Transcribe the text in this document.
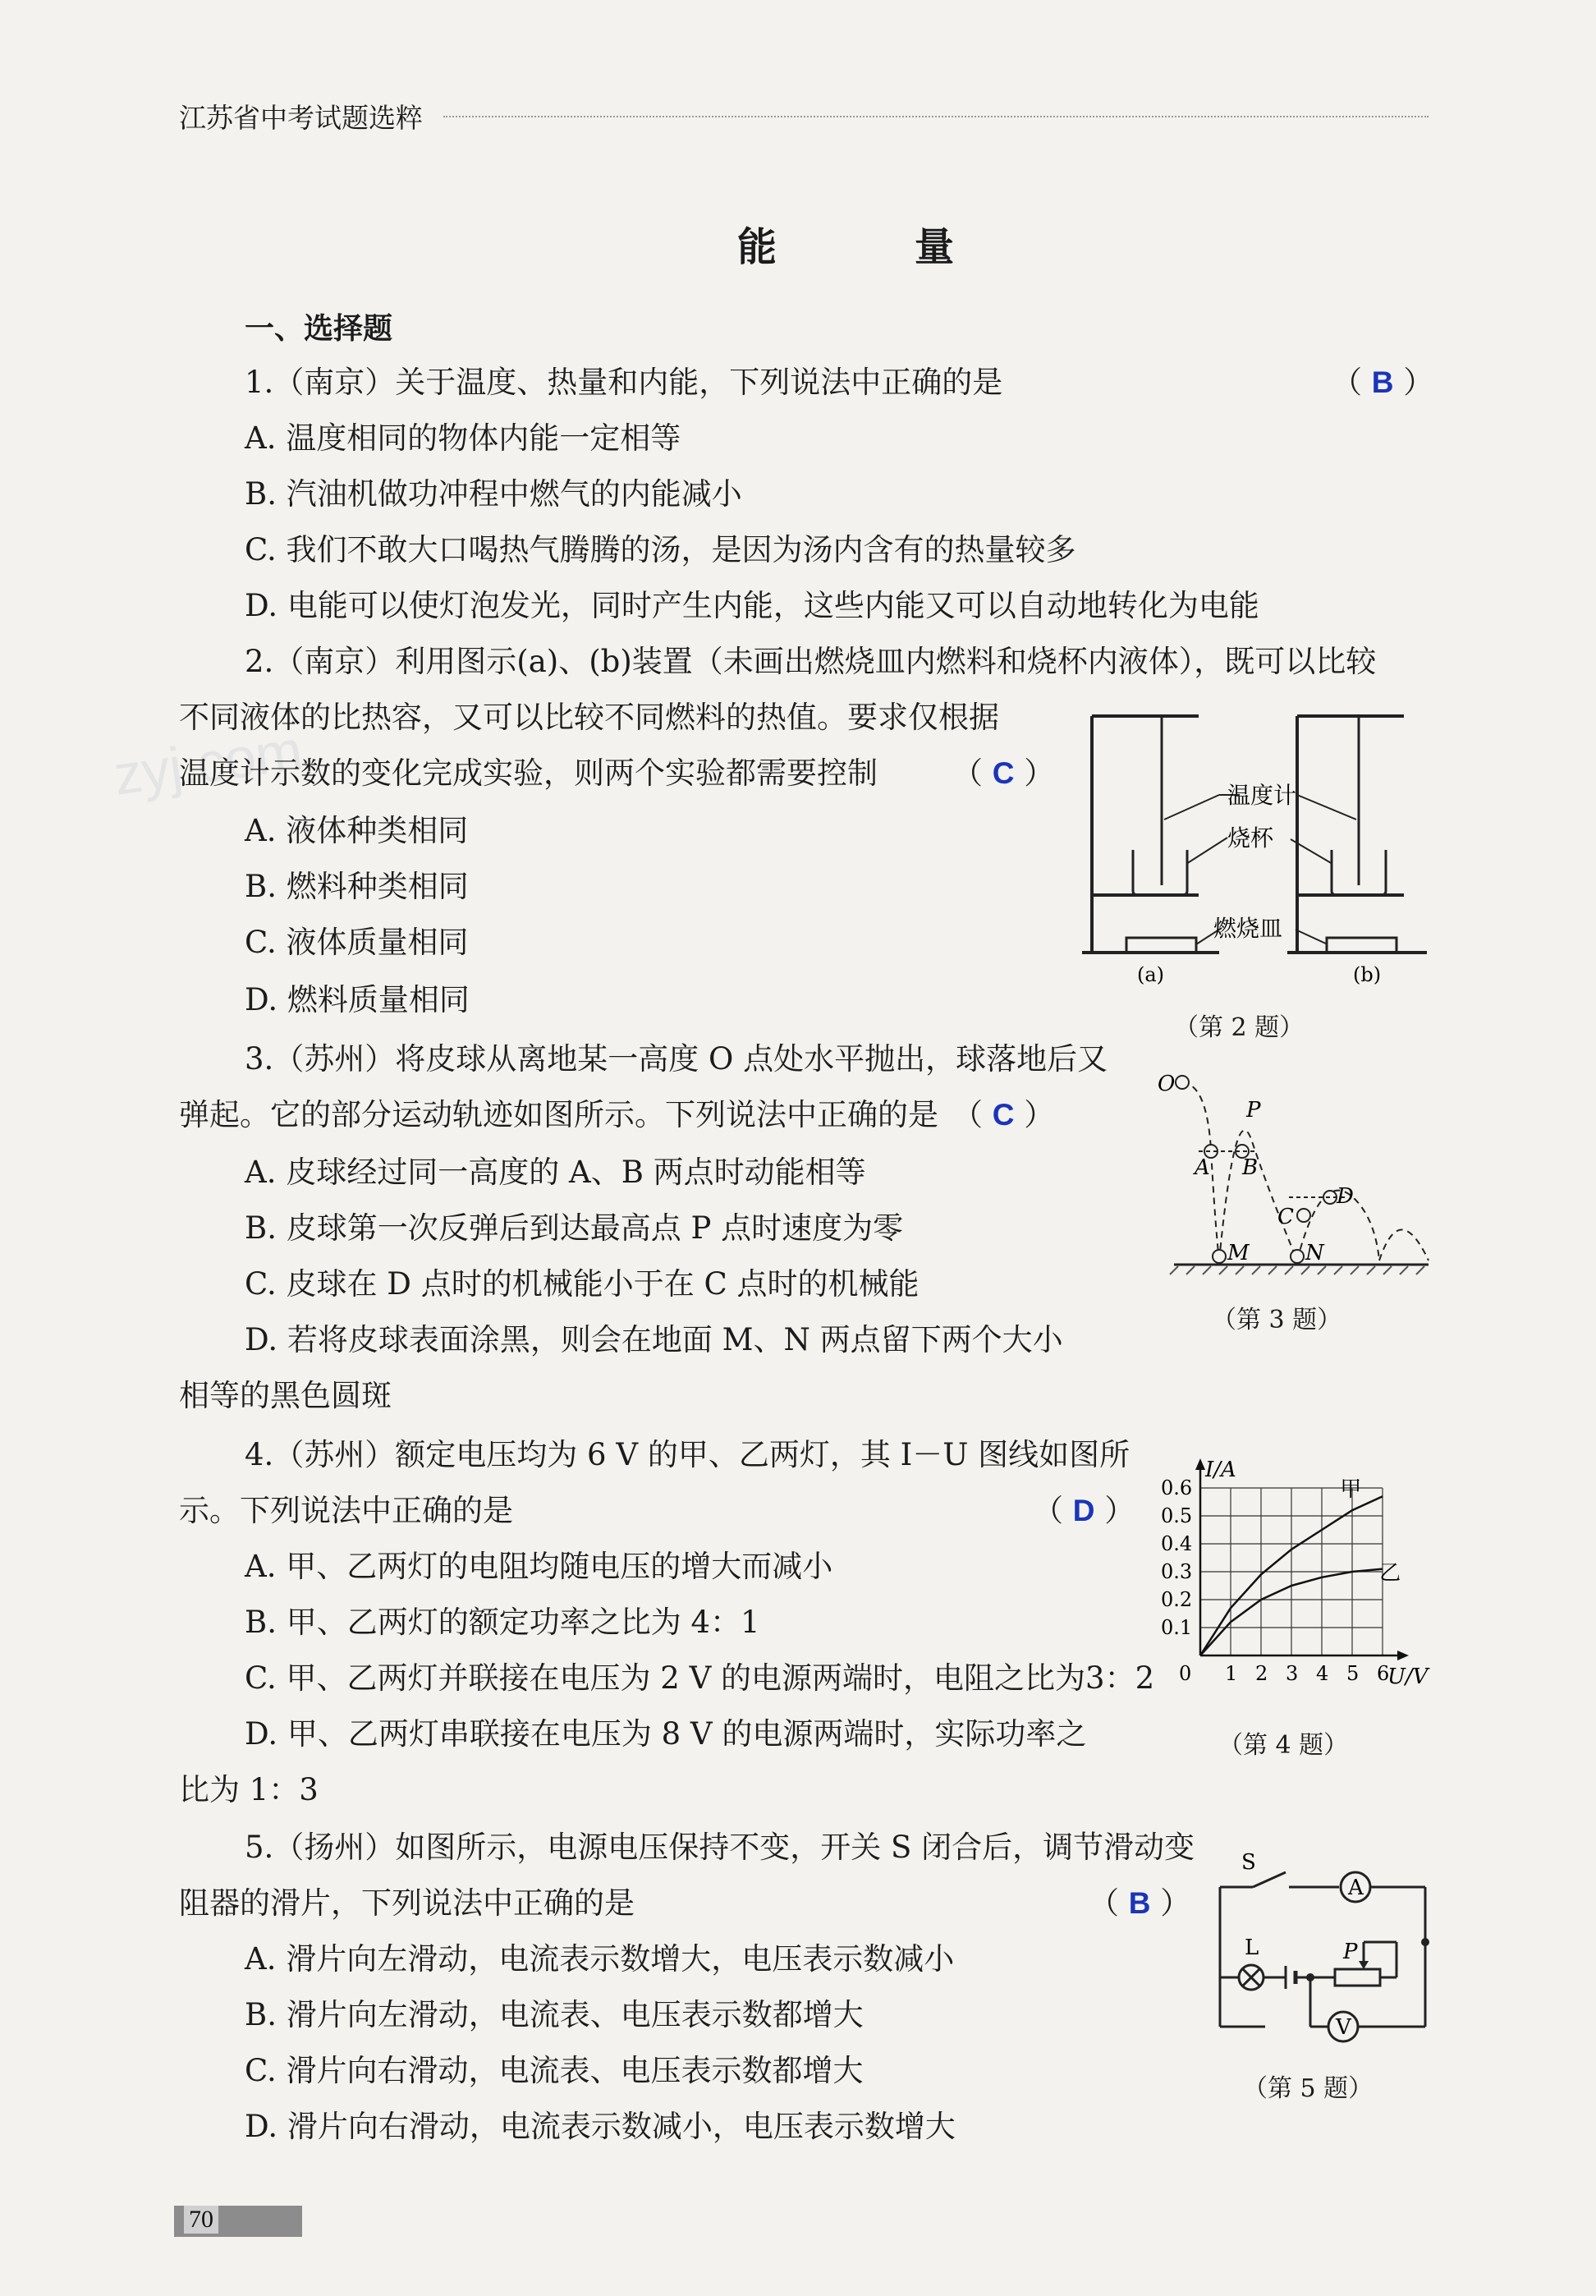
江苏省中考试题选粹
能　量
一、选择题
zyj.com
1.（南京）关于温度、热量和内能，下列说法中正确的是	（ B ）
A. 温度相同的物体内能一定相等
B. 汽油机做功冲程中燃气的内能减小
C. 我们不敢大口喝热气腾腾的汤，是因为汤内含有的热量较多
D. 电能可以使灯泡发光，同时产生内能，这些内能又可以自动地转化为电能
2.（南京）利用图示(a)、(b)装置（未画出燃烧皿内燃料和烧杯内液体），既可以比较
不同液体的比热容，又可以比较不同燃料的热值。要求仅根据
温度计示数的变化完成实验，则两个实验都需要控制 （ C ）
A. 液体种类相同
B. 燃料种类相同
C. 液体质量相同
D. 燃料质量相同
温度计
烧杯
燃烧皿
(a)	(b)
（第 2 题）
3.（苏州）将皮球从离地某一高度 O 点处水平抛出，球落地后又
弹起。它的部分运动轨迹如图所示。下列说法中正确的是 （ C ）
A. 皮球经过同一高度的 A、B 两点时动能相等
B. 皮球第一次反弹后到达最高点 P 点时速度为零
C. 皮球在 D 点时的机械能小于在 C 点时的机械能
D. 若将皮球表面涂黑，则会在地面 M、N 两点留下两个大小
相等的黑色圆斑
O
P
A B
C
D
M	N
（第 3 题）
4.（苏州）额定电压均为 6 V 的甲、乙两灯，其 I－U 图线如图所
示。下列说法中正确的是	（ D ）
A. 甲、乙两灯的电阻均随电压的增大而减小
B. 甲、乙两灯的额定功率之比为 4：1
C. 甲、乙两灯并联接在电压为 2 V 的电源两端时，电阻之比为3：2
D. 甲、乙两灯串联接在电压为 8 V 的电源两端时，实际功率之
比为 1：3
0 1 2 3 4 5 6
0.1
0.2
0.3
0.4
0.5
0.6	甲
乙
I/A
U/V
（第 4 题）
5.（扬州）如图所示，电源电压保持不变，开关 S 闭合后，调节滑动变
阻器的滑片，下列说法中正确的是	（ B ）
A. 滑片向左滑动，电流表示数增大，电压表示数减小
B. 滑片向左滑动，电流表、电压表示数都增大
C. 滑片向右滑动，电流表、电压表示数都增大
D. 滑片向右滑动，电流表示数减小，电压表示数增大
S
A
V
L	P
（第 5 题）
70
